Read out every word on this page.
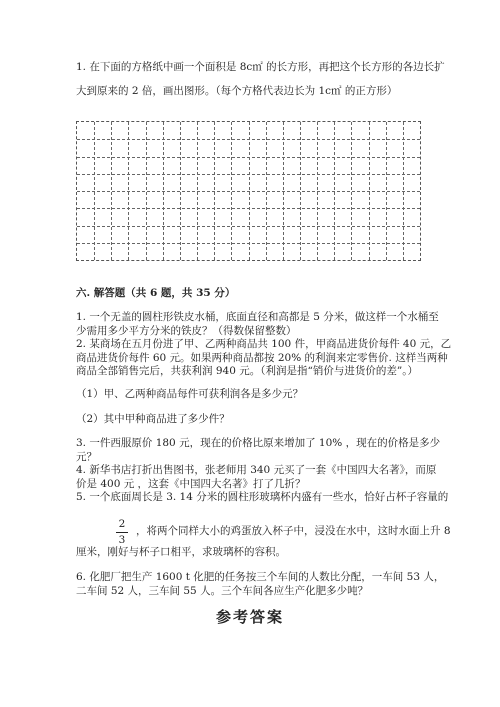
1. 在下面的方格纸中画一个面积是 8c㎡ 的长方形，再把这个长方形的各边长扩
大到原来的 2 倍，画出图形。（每个方格代表边长为 1c㎡ 的正方形）
六. 解答题（共 6 题，共 35 分）
1. 一个无盖的圆柱形铁皮水桶，底面直径和高都是 5 分米，做这样一个水桶至
少需用多少平方分米的铁皮？（得数保留整数）
2. 某商场在五月份进了甲、乙两种商品共 100 件，甲商品进货价每件 40 元，乙
商品进货价每件 60 元。如果两种商品都按 20% 的利润来定零售价. 这样当两种
商品全部销售完后，共获利润 940 元。（利润是指“销价与进货价的差”。）
（1）甲、乙两种商品每件可获利润各是多少元？
（2）其中甲种商品进了多少件？
3. 一件西服原价 180 元，现在的价格比原来增加了 10% ，现在的价格是多少
元？
4. 新华书店打折出售图书，张老师用 340 元买了一套《中国四大名著》，而原
价是 400 元 ，这套《中国四大名著》打了几折？
5. 一个底面周长是 3. 14 分米的圆柱形玻璃杯内盛有一些水，恰好占杯子容量的
2
3
，将两个同样大小的鸡蛋放入杯子中，浸没在水中，这时水面上升 8
厘米，刚好与杯子口相平，求玻璃杯的容积。
6. 化肥厂把生产 1600 t 化肥的任务按三个车间的人数比分配，一车间 53 人，
二车间 52 人，三车间 55 人。三个车间各应生产化肥多少吨？
参考答案
